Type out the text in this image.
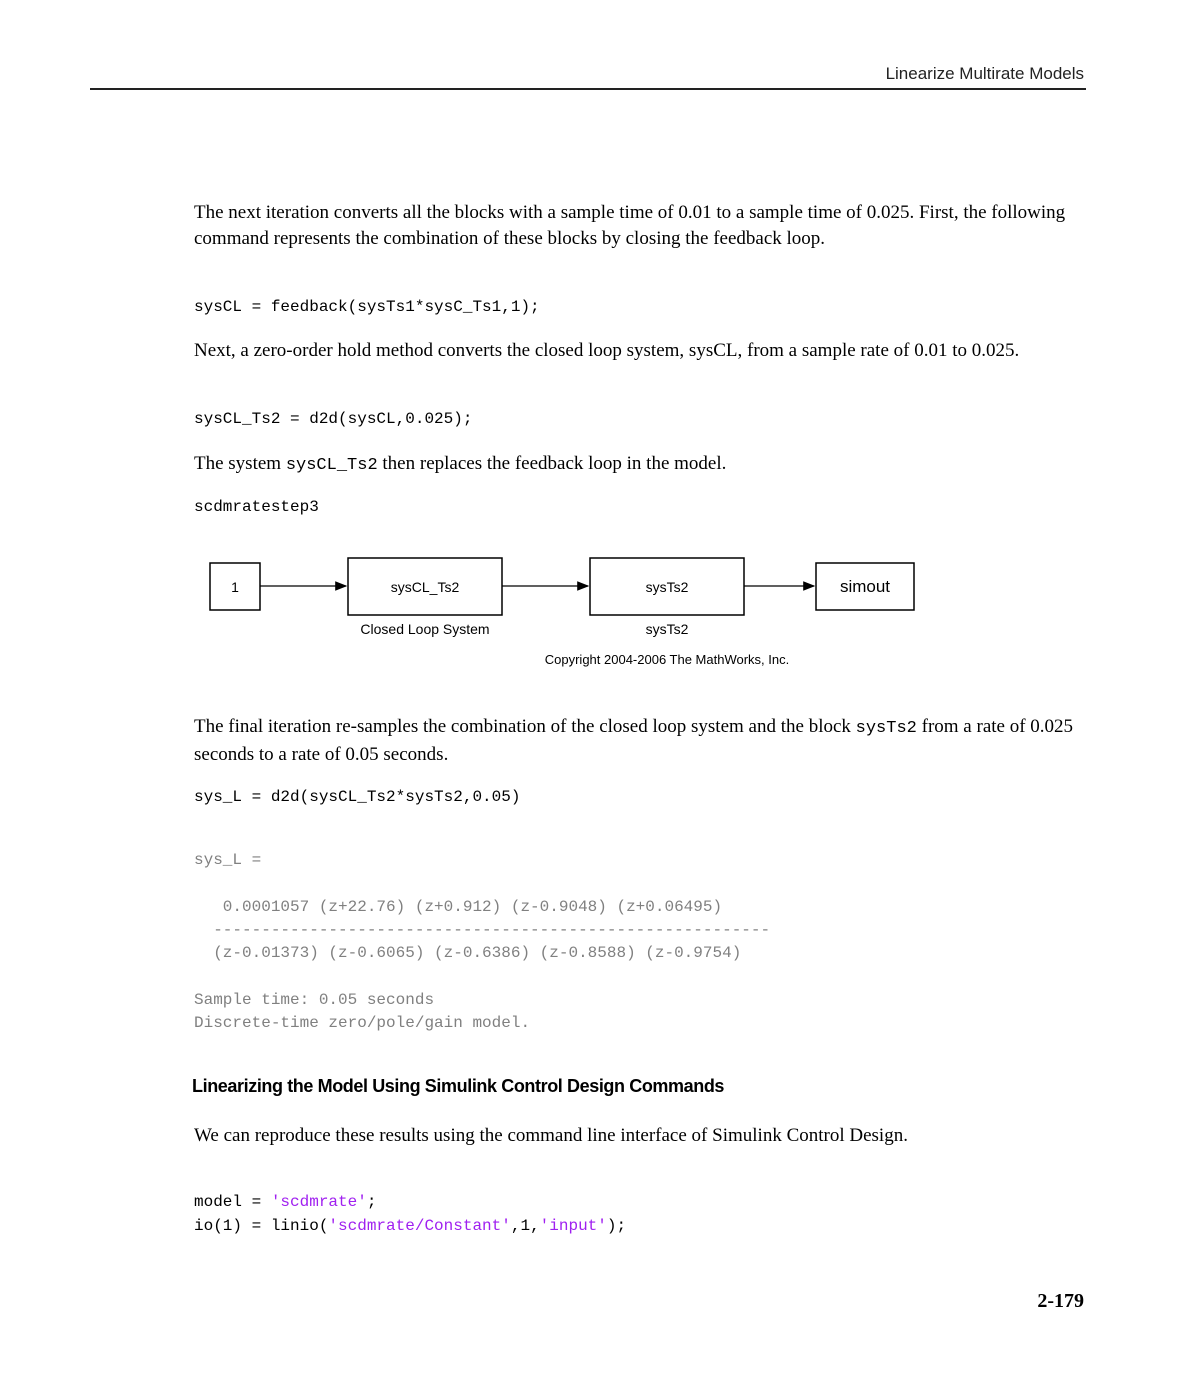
Linearize Multirate Models
The next iteration converts all the blocks with a sample time of 0.01 to a sample time of 0.025. First, the following command represents the combination of these blocks by closing the feedback loop.
sysCL = feedback(sysTs1*sysC_Ts1,1);
Next, a zero-order hold method converts the closed loop system, sysCL, from a sample rate of 0.01 to 0.025.
sysCL_Ts2 = d2d(sysCL,0.025);
The system sysCL_Ts2 then replaces the feedback loop in the model.
scdmratestep3
1	sysCL_Ts2
Closed Loop System
sysTs2
sysTs2
simout
Copyright 2004-2006 The MathWorks, Inc.
The final iteration re-samples the combination of the closed loop system and the block sysTs2 from a rate of 0.025 seconds to a rate of 0.05 seconds.
sys_L = d2d(sysCL_Ts2*sysTs2,0.05)
sys_L =
0.0001057 (z+22.76) (z+0.912) (z-0.9048) (z+0.06495)
----------------------------------------------------------
(z-0.01373) (z-0.6065) (z-0.6386) (z-0.8588) (z-0.9754)
Sample time: 0.05 seconds
Discrete-time zero/pole/gain model.
Linearizing the Model Using Simulink Control Design Commands
We can reproduce these results using the command line interface of Simulink Control Design.
model = 'scdmrate';
io(1) = linio('scdmrate/Constant',1,'input');
2-179
